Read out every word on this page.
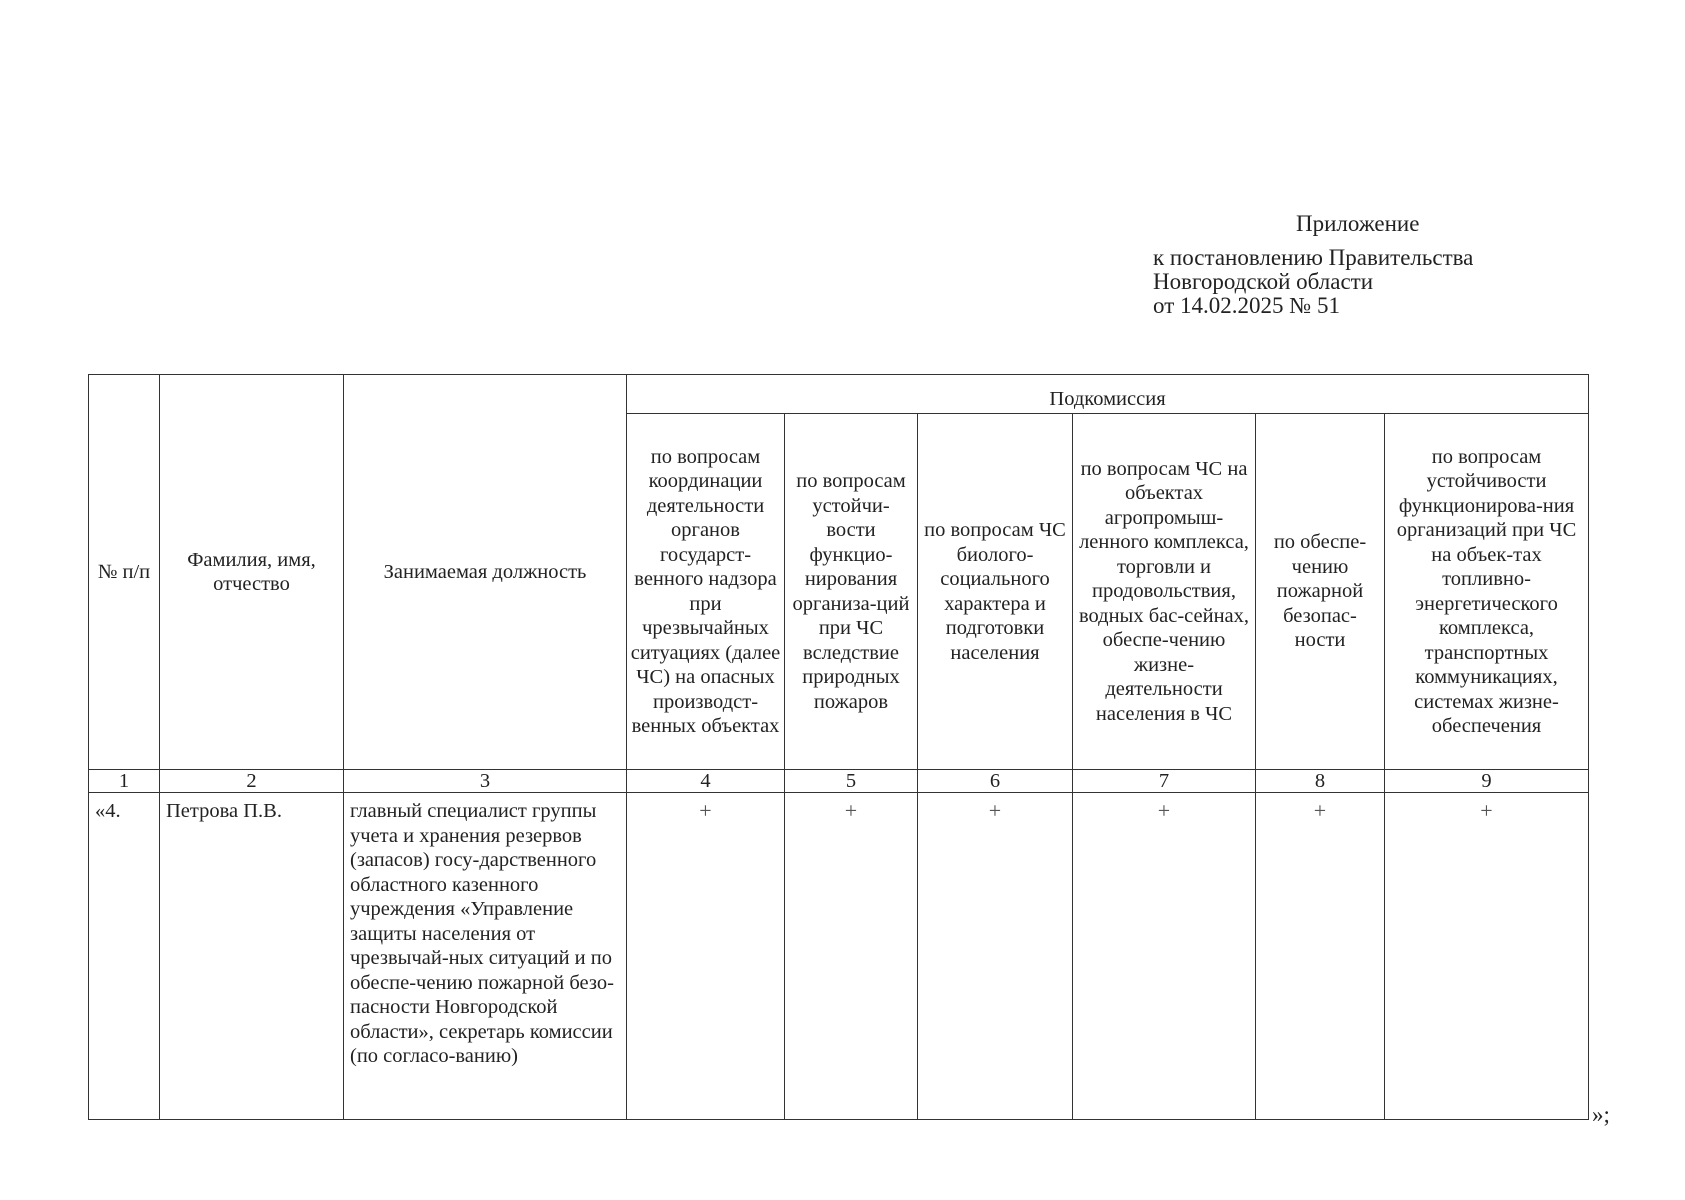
Приложение
к постановлению Правительства
Новгородской области
от 14.02.2025 № 51
№ п/п	Фамилия, имя, отчество	Занимаемая должность	Подкомиссия					
			по вопросам координации деятельности органов государст-венного надзора при чрезвычайных ситуациях (далее ЧС) на опасных производст-венных объектах	по вопросам устойчи-вости функцио-нирования организа-ций при ЧС вследствие природных пожаров	по вопросам ЧС биолого-социального характера и подготовки населения	по вопросам ЧС на объектах агропромыш-ленного комплекса, торговли и продовольствия, водных бас-сейнах, обеспе-чению жизне-деятельности населения в ЧС	по обеспе-чению пожарной безопас-ности	по вопросам устойчивости функционирова-ния организаций при ЧС на объек-тах топливно-энергетического комплекса, транспортных коммуникациях, системах жизне-обеспечения
1	2	3	4	5	6	7	8	9
«4.	Петрова П.В.	главный специалист группы учета и хранения резервов (запасов) госу-дарственного областного казенного учреждения «Управление защиты населения от чрезвычай-ных ситуаций и по обеспе-чению пожарной безо-пасности Новгородской области», секретарь комиссии (по согласо-ванию)	+	+	+	+	+	+
»;
